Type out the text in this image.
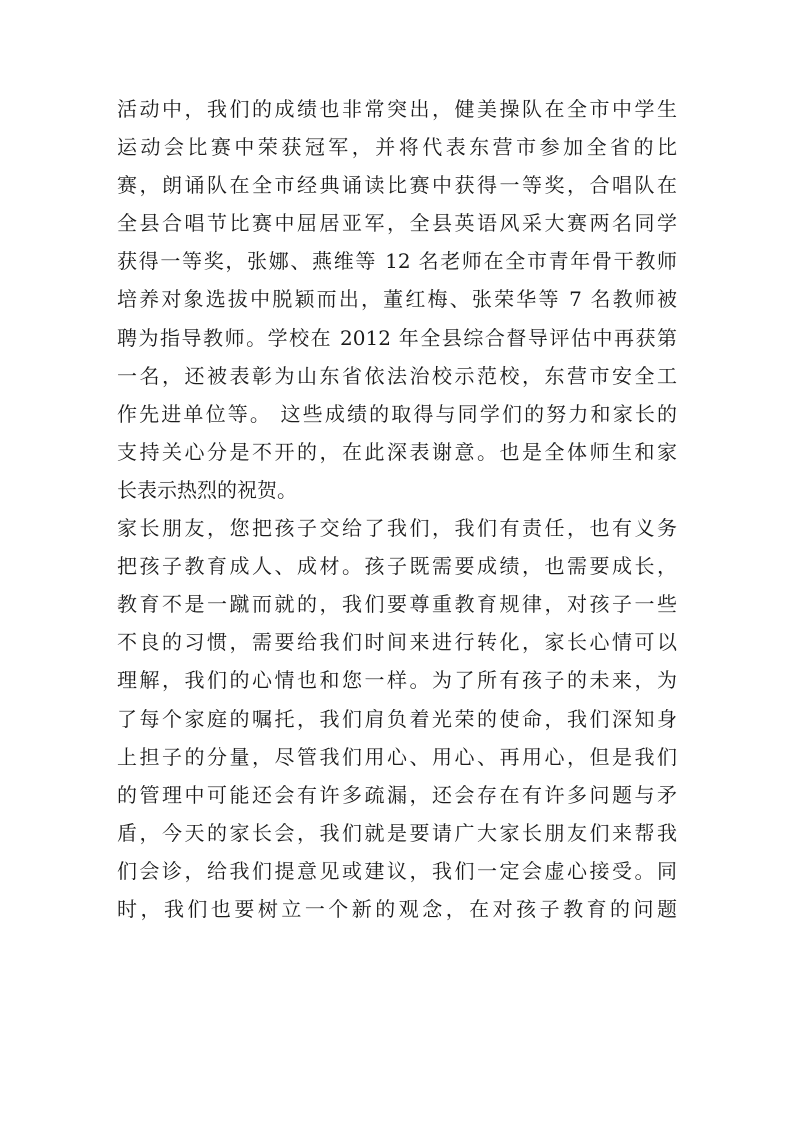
活动中，我们的成绩也非常突出，健美操队在全市中学生
运动会比赛中荣获冠军，并将代表东营市参加全省的比
赛，朗诵队在全市经典诵读比赛中获得一等奖，合唱队在
全县合唱节比赛中屈居亚军，全县英语风采大赛两名同学
获得一等奖，张娜、燕维等 12 名老师在全市青年骨干教师
培养对象选拔中脱颖而出，董红梅、张荣华等 7 名教师被
聘为指导教师。学校在 2012 年全县综合督导评估中再获第
一名，还被表彰为山东省依法治校示范校，东营市安全工
作先进单位等。 这些成绩的取得与同学们的努力和家长的
支持关心分是不开的，在此深表谢意。也是全体师生和家
长表示热烈的祝贺。
家长朋友，您把孩子交给了我们，我们有责任，也有义务
把孩子教育成人、成材。孩子既需要成绩，也需要成长，
教育不是一蹴而就的，我们要尊重教育规律，对孩子一些
不良的习惯，需要给我们时间来进行转化，家长心情可以
理解，我们的心情也和您一样。为了所有孩子的未来，为
了每个家庭的嘱托，我们肩负着光荣的使命，我们深知身
上担子的分量，尽管我们用心、用心、再用心，但是我们
的管理中可能还会有许多疏漏，还会存在有许多问题与矛
盾，今天的家长会，我们就是要请广大家长朋友们来帮我
们会诊，给我们提意见或建议，我们一定会虚心接受。同
时，我们也要树立一个新的观念，在对孩子教育的问题
